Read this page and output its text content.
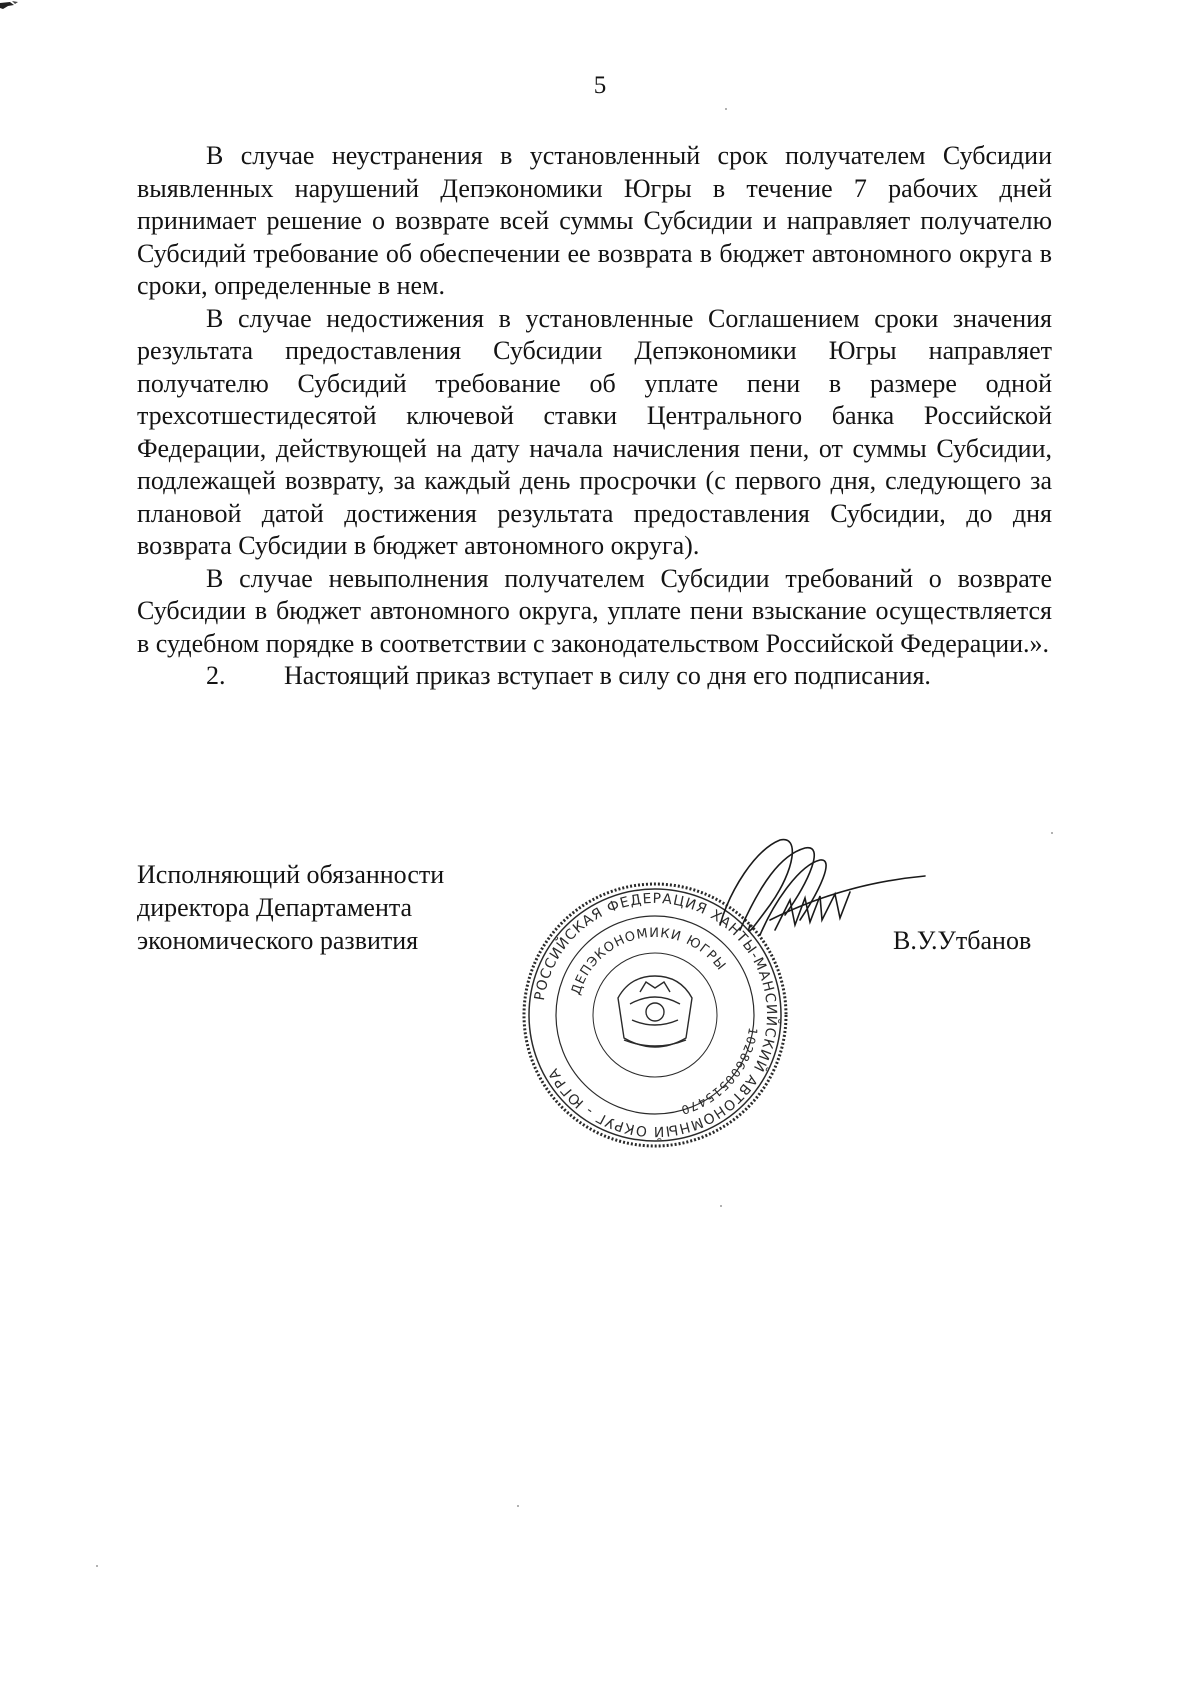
5

В случае неустранения в установленный срок получателем Субсидии выявленных нарушений Депэкономики Югры в течение 7 рабочих дней принимает решение о возврате всей суммы Субсидии и направляет получателю Субсидий требование об обеспечении ее возврата в бюджет автономного округа в сроки, определенные в нем.

В случае недостижения в установленные Соглашением сроки значения результата предоставления Субсидии Депэкономики Югры направляет получателю Субсидий требование об уплате пени в размере одной трехсотшестидесятой ключевой ставки Центрального банка Российской Федерации, действующей на дату начала начисления пени, от суммы Субсидии, подлежащей возврату, за каждый день просрочки (с первого дня, следующего за плановой датой достижения результата предоставления Субсидии, до дня возврата Субсидии в бюджет автономного округа).

В случае невыполнения получателем Субсидии требований о возврате Субсидии в бюджет автономного округа, уплате пени взыскание осуществляется в судебном порядке в соответствии с законодательством Российской Федерации.».

2.	Настоящий приказ вступает в силу со дня его подписания.
Исполняющий обязанности
директора Департамента
экономического развития
РОССИЙСКАЯ ФЕДЕРАЦИЯ ХАНТЫ-МАНСИЙСКИЙ АВТОНОМНЫЙ ОКРУГ - ЮГРА
ДЕПЭКОНОМИКИ ЮГРЫ
1028600515470
В.У.Утбанов
